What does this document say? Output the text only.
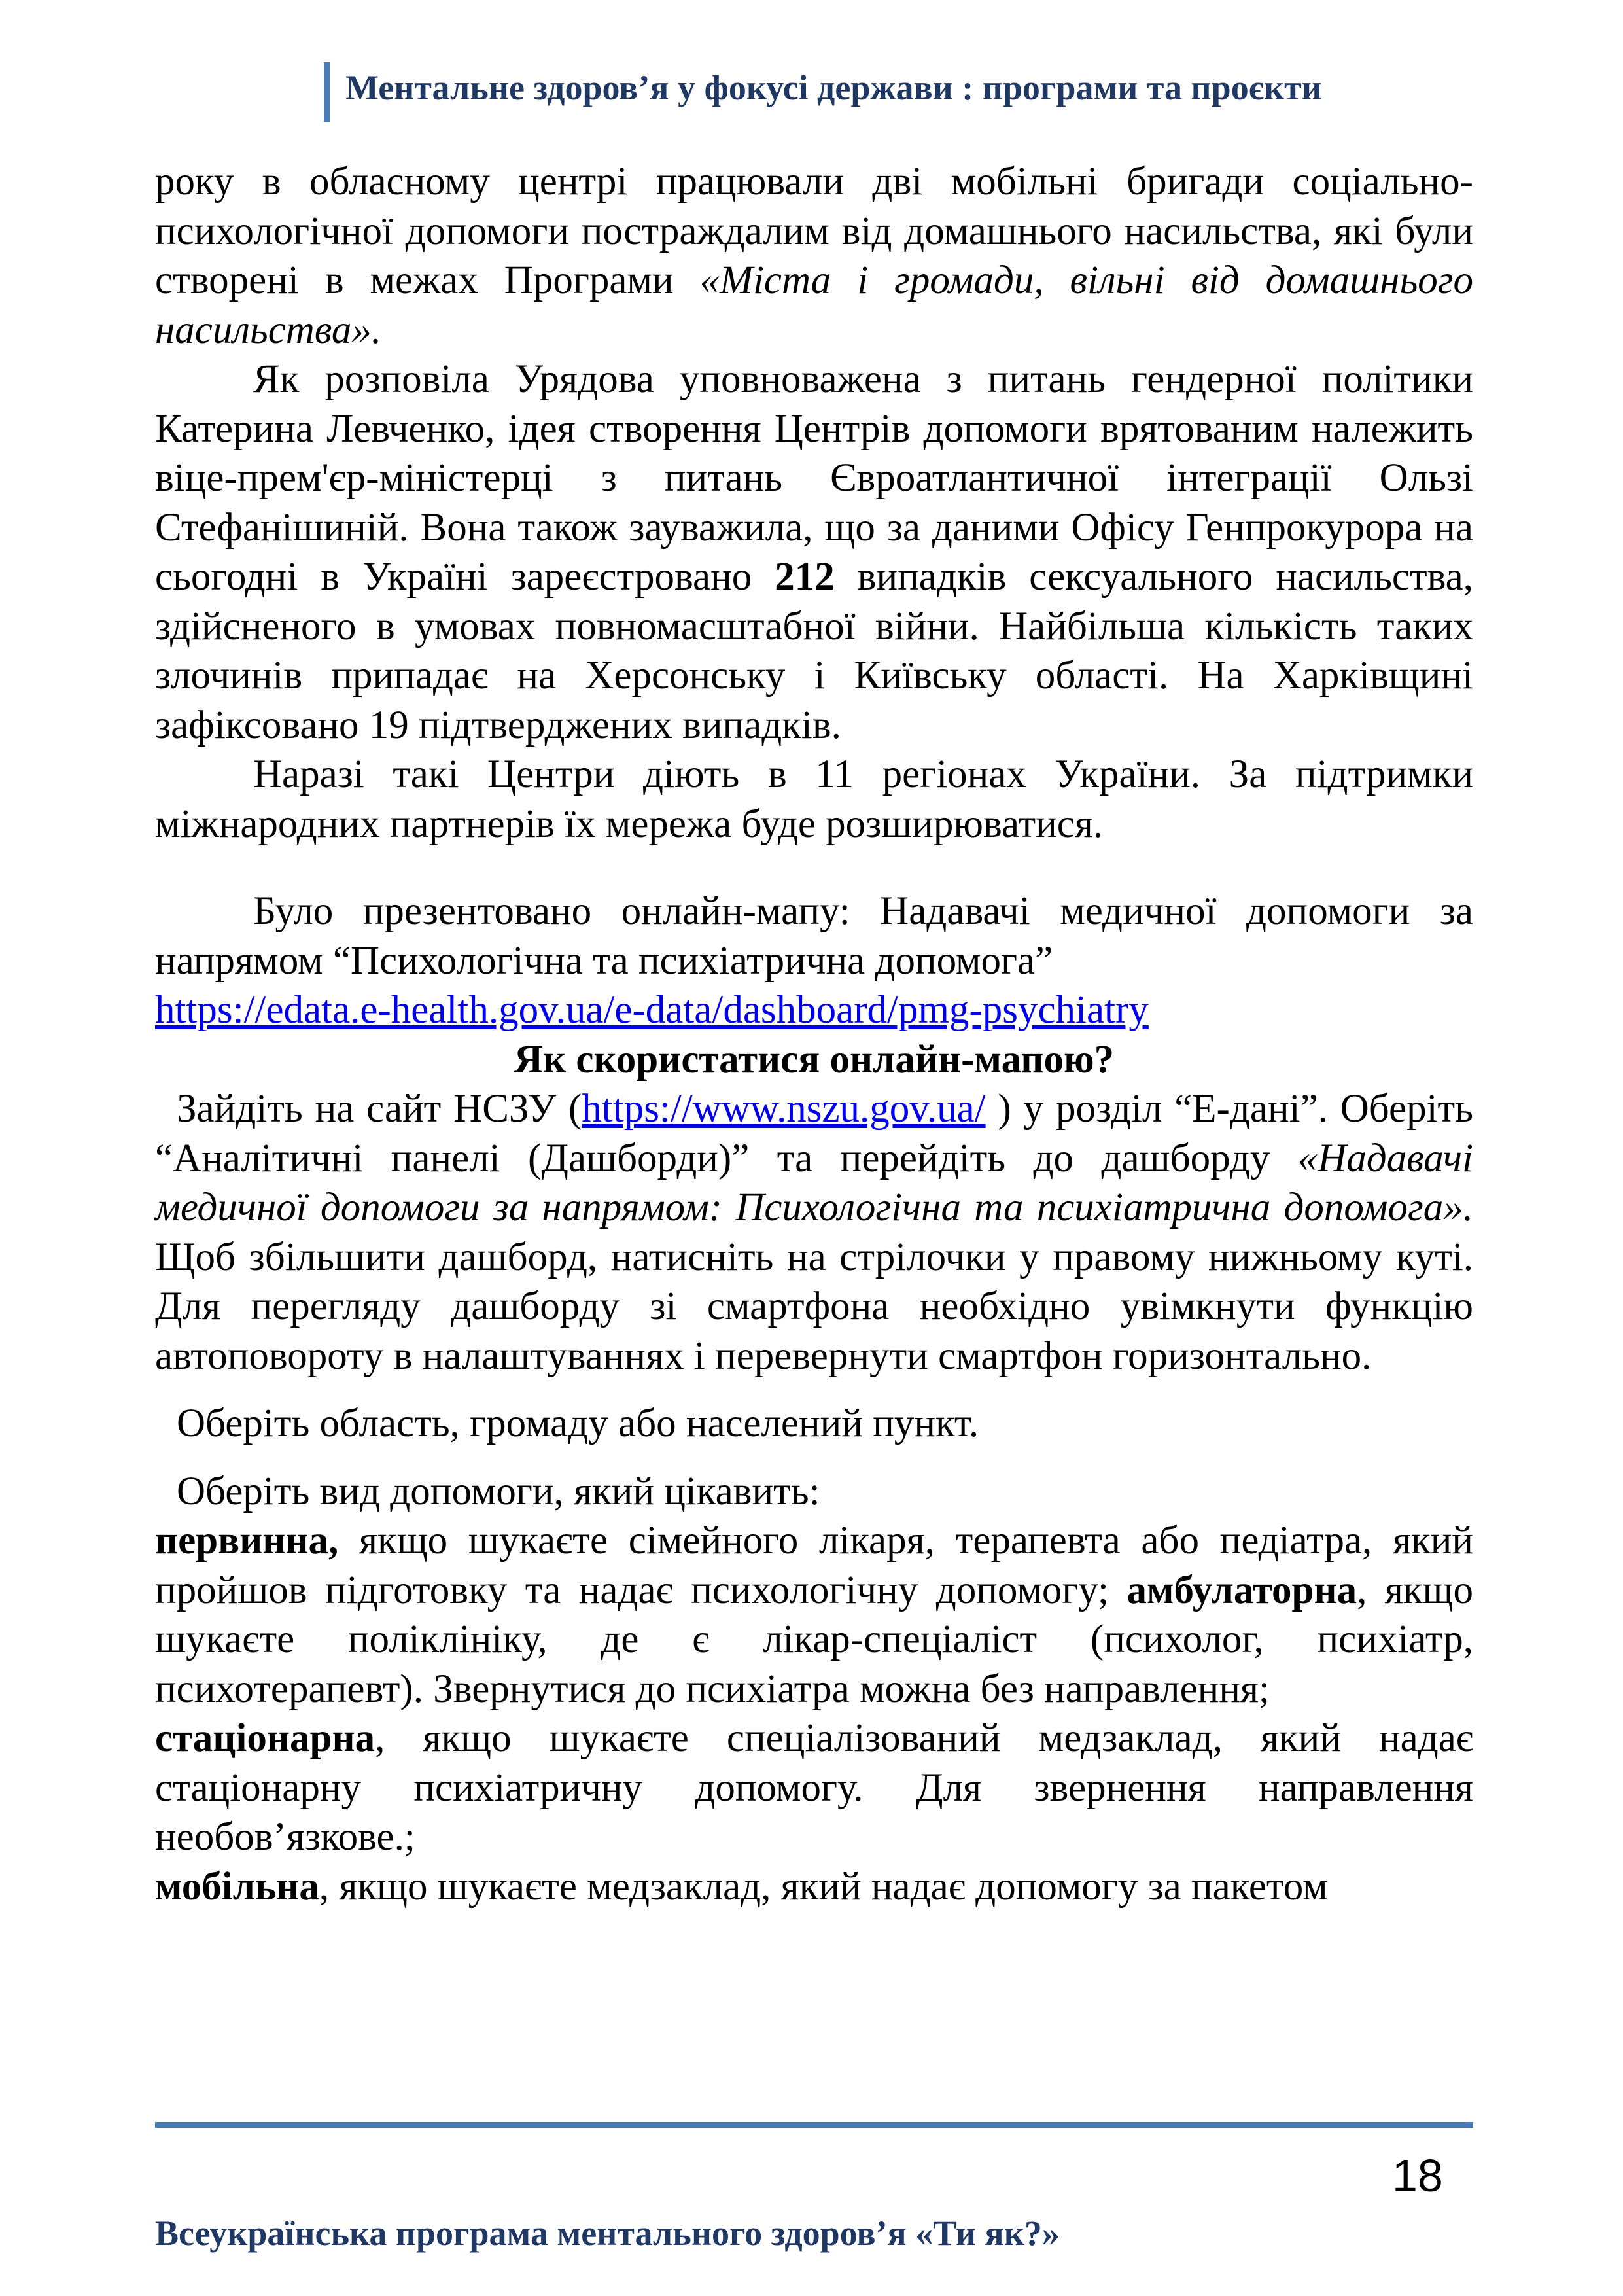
Ментальне здоров’я у фокусі держави : програми та проєкти

року в обласному центрі працювали дві мобільні бригади соціально-психологічної допомоги постраждалим від домашнього насильства, які були створені в межах Програми «Міста і громади, вільні від домашнього насильства».

Як розповіла Урядова уповноважена з питань гендерної політики Катерина Левченко, ідея створення Центрів допомоги врятованим належить віце-прем'єр-міністерці з питань Євроатлантичної інтеграції Ользі Стефанішиній. Вона також зауважила, що за даними Офісу Генпрокурора на сьогодні в Україні зареєстровано 212 випадків сексуального насильства, здійсненого в умовах повномасштабної війни. Найбільша кількість таких злочинів припадає на Херсонську і Київську області. На Харківщині зафіксовано 19 підтверджених випадків.

Наразі такі Центри діють в 11 регіонах України. За підтримки міжнародних партнерів їх мережа буде розширюватися.

Було презентовано онлайн-мапу: Надавачі медичної допомоги за напрямом “Психологічна та психіатрична допомога”
https://edata.e-health.gov.ua/e-data/dashboard/pmg-psychiatry

Як скористатися онлайн-мапою?

Зайдіть на сайт НСЗУ (https://www.nszu.gov.ua/ ) у розділ “Е-дані”. Оберіть “Аналітичні панелі (Дашборди)” та перейдіть до дашборду «Надавачі медичної допомоги за напрямом: Психологічна та психіатрична допомога». Щоб збільшити дашборд, натисніть на стрілочки у правому нижньому куті. Для перегляду дашборду зі смартфона необхідно увімкнути функцію автоповороту в налаштуваннях і перевернути смартфон горизонтально.

Оберіть область, громаду або населений пункт.

Оберіть вид допомоги, який цікавить:

первинна, якщо шукаєте сімейного лікаря, терапевта або педіатра, який пройшов підготовку та надає психологічну допомогу; амбулаторна, якщо шукаєте поліклініку, де є лікар-спеціаліст (психолог, психіатр, психотерапевт). Звернутися до психіатра можна без направлення;

стаціонарна, якщо шукаєте спеціалізований медзаклад, який надає стаціонарну психіатричну допомогу. Для звернення направлення необов’язкове.;

мобільна, якщо шукаєте медзаклад, який надає допомогу за пакетом

18
Всеукраїнська програма ментального здоров’я «Ти як?»
